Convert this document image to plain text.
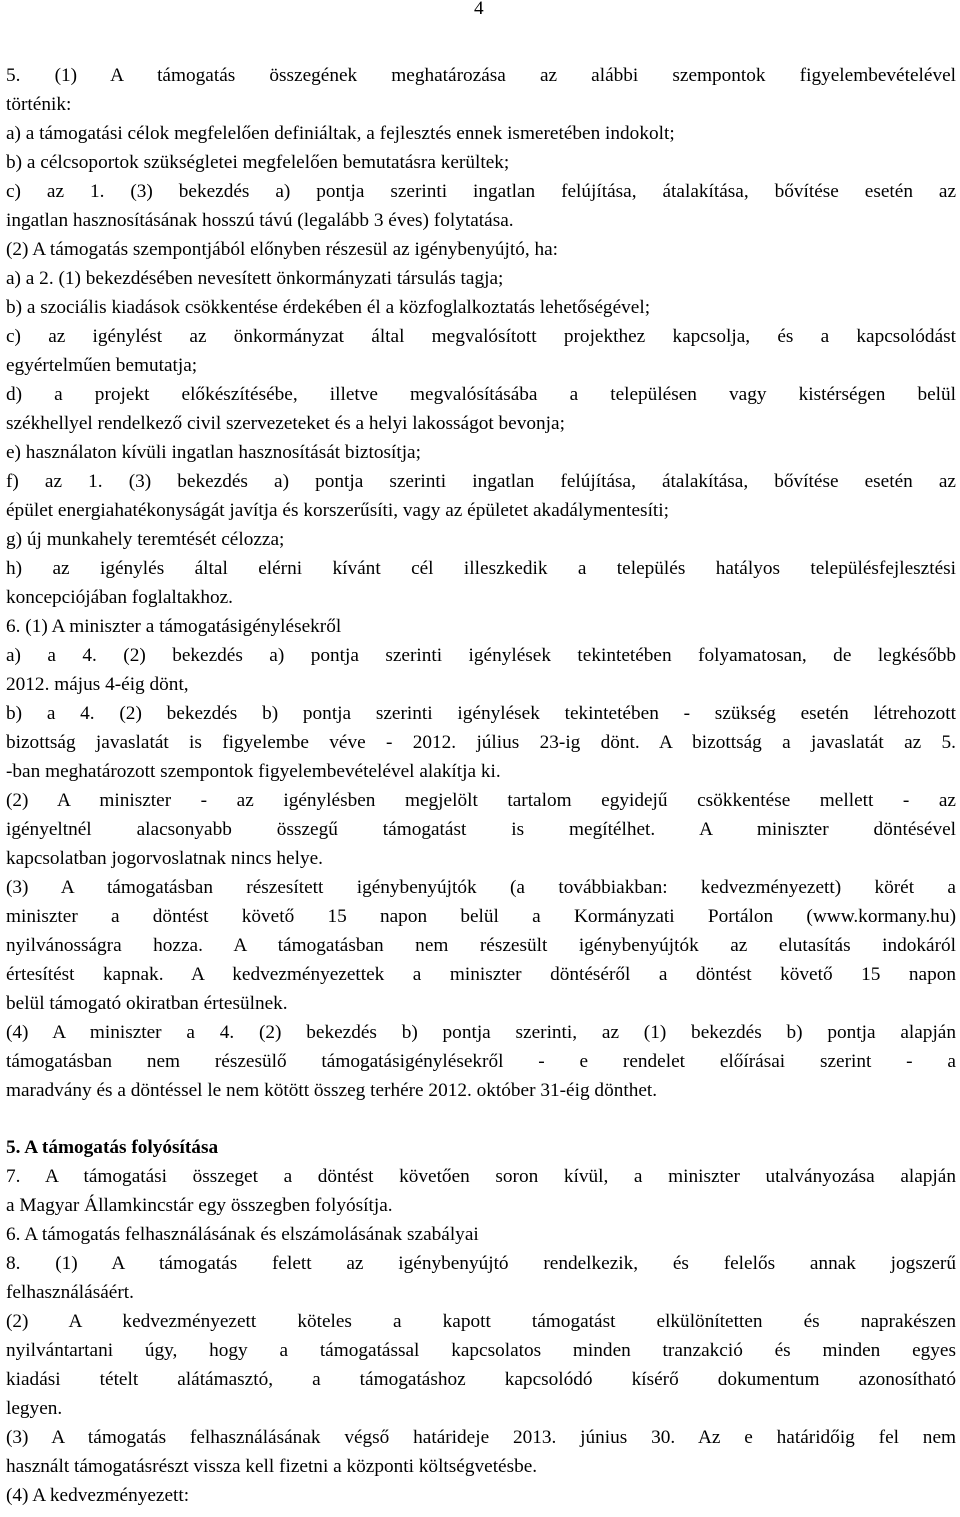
4
5. (1) A támogatás összegének meghatározása az alábbi szempontok figyelembevételével
történik:
a) a támogatási célok megfelelően definiáltak, a fejlesztés ennek ismeretében indokolt;
b) a célcsoportok szükségletei megfelelően bemutatásra kerültek;
c) az 1. (3) bekezdés a) pontja szerinti ingatlan felújítása, átalakítása, bővítése esetén az
ingatlan hasznosításának hosszú távú (legalább 3 éves) folytatása.
(2) A támogatás szempontjából előnyben részesül az igénybenyújtó, ha:
a) a 2. (1) bekezdésében nevesített önkormányzati társulás tagja;
b) a szociális kiadások csökkentése érdekében él a közfoglalkoztatás lehetőségével;
c) az igénylést az önkormányzat által megvalósított projekthez kapcsolja, és a kapcsolódást
egyértelműen bemutatja;
d) a projekt előkészítésébe, illetve megvalósításába a településen vagy kistérségen belül
székhellyel rendelkező civil szervezeteket és a helyi lakosságot bevonja;
e) használaton kívüli ingatlan hasznosítását biztosítja;
f) az 1. (3) bekezdés a) pontja szerinti ingatlan felújítása, átalakítása, bővítése esetén az
épület energiahatékonyságát javítja és korszerűsíti, vagy az épületet akadálymentesíti;
g) új munkahely teremtését célozza;
h) az igénylés által elérni kívánt cél illeszkedik a település hatályos településfejlesztési
koncepciójában foglaltakhoz.
6. (1) A miniszter a támogatásigénylésekről
a) a 4. (2) bekezdés a) pontja szerinti igénylések tekintetében folyamatosan, de legkésőbb
2012. május 4-éig dönt,
b) a 4. (2) bekezdés b) pontja szerinti igénylések tekintetében - szükség esetén létrehozott
bizottság javaslatát is figyelembe véve - 2012. július 23-ig dönt. A bizottság a javaslatát az 5.
-ban meghatározott szempontok figyelembevételével alakítja ki.
(2) A miniszter - az igénylésben megjelölt tartalom egyidejű csökkentése mellett - az
igényeltnél alacsonyabb összegű támogatást is megítélhet. A miniszter döntésével
kapcsolatban jogorvoslatnak nincs helye.
(3) A támogatásban részesített igénybenyújtók (a továbbiakban: kedvezményezett) körét a
miniszter a döntést követő 15 napon belül a Kormányzati Portálon (www.kormany.hu)
nyilvánosságra hozza. A támogatásban nem részesült igénybenyújtók az elutasítás indokáról
értesítést kapnak. A kedvezményezettek a miniszter döntéséről a döntést követő 15 napon
belül támogató okiratban értesülnek.
(4) A miniszter a 4. (2) bekezdés b) pontja szerinti, az (1) bekezdés b) pontja alapján
támogatásban nem részesülő támogatásigénylésekről - e rendelet előírásai szerint - a
maradvány és a döntéssel le nem kötött összeg terhére 2012. október 31-éig dönthet.
5. A támogatás folyósítása
7. A támogatási összeget a döntést követően soron kívül, a miniszter utalványozása alapján
a Magyar Államkincstár egy összegben folyósítja.
6. A támogatás felhasználásának és elszámolásának szabályai
8. (1) A támogatás felett az igénybenyújtó rendelkezik, és felelős annak jogszerű
felhasználásáért.
(2) A kedvezményezett köteles a kapott támogatást elkülönítetten és naprakészen
nyilvántartani úgy, hogy a támogatással kapcsolatos minden tranzakció és minden egyes
kiadási tételt alátámasztó, a támogatáshoz kapcsolódó kísérő dokumentum azonosítható
legyen.
(3) A támogatás felhasználásának végső határideje 2013. június 30. Az e határidőig fel nem
használt támogatásrészt vissza kell fizetni a központi költségvetésbe.
(4) A kedvezményezett:
